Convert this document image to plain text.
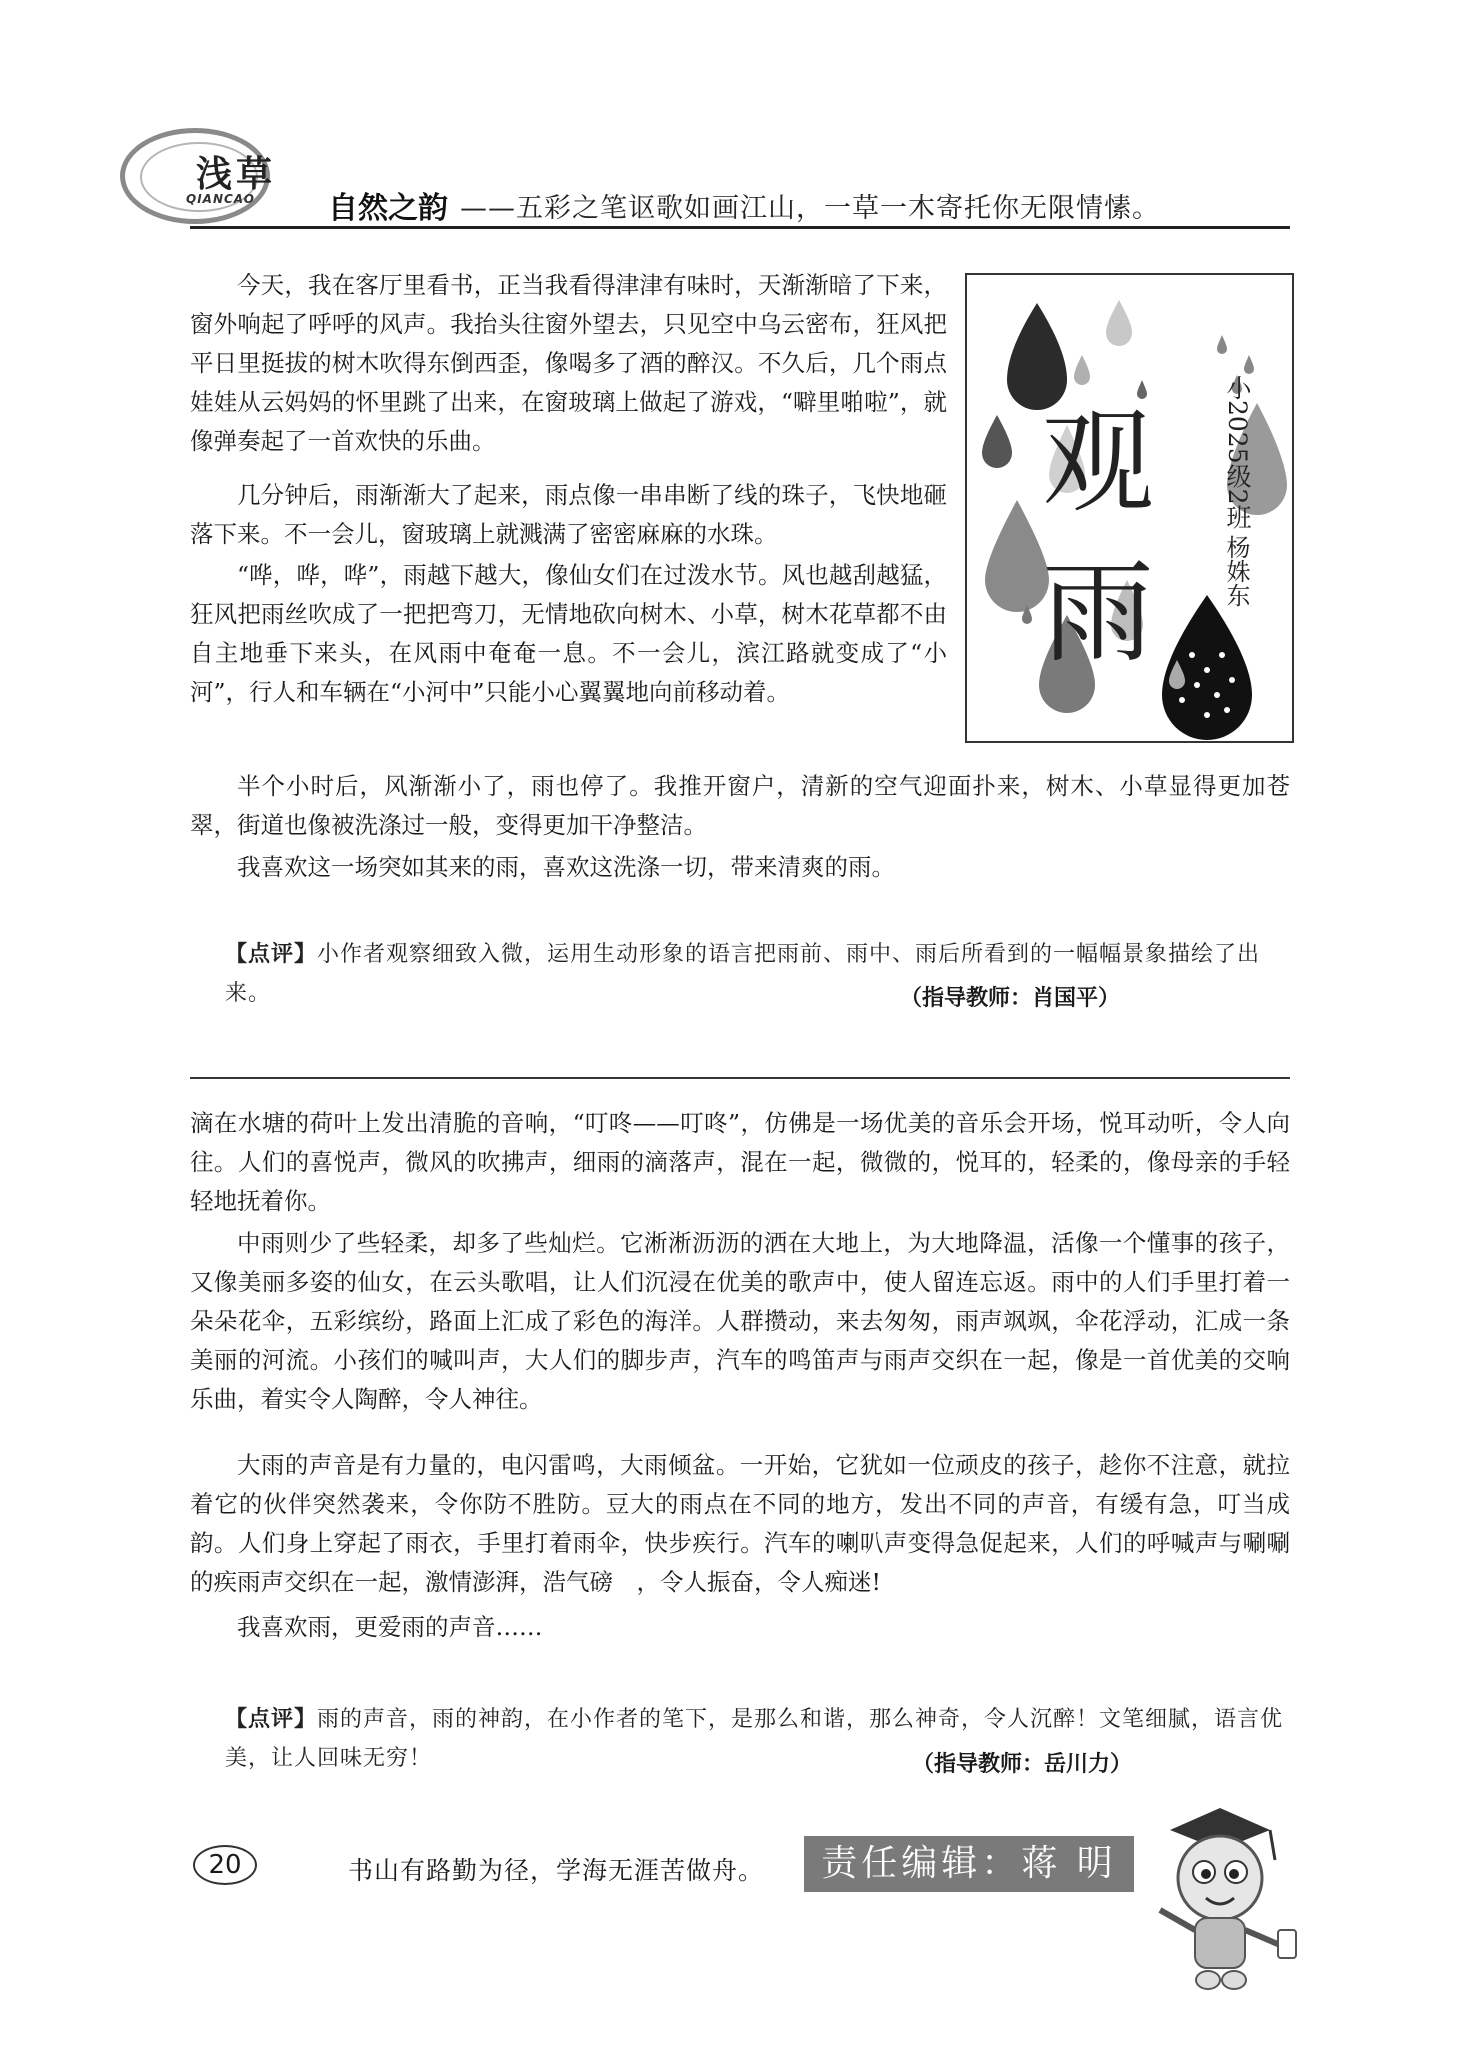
浅草
QIANCAO 自然之韵 ——五彩之笔讴歌如画江山，一草一木寄托你无限情愫。

今天，我在客厅里看书，正当我看得津津有味时，天渐渐暗了下来，窗外响起了呼呼的风声。我抬头往窗外望去，只见空中乌云密布，狂风把平日里挺拔的树木吹得东倒西歪，像喝多了酒的醉汉。不久后，几个雨点娃娃从云妈妈的怀里跳了出来，在窗玻璃上做起了游戏，“噼里啪啦”，就像弹奏起了一首欢快的乐曲。

几分钟后，雨渐渐大了起来，雨点像一串串断了线的珠子，飞快地砸落下来。不一会儿，窗玻璃上就溅满了密密麻麻的水珠。

“哗，哗，哗”，雨越下越大，像仙女们在过泼水节。风也越刮越猛，狂风把雨丝吹成了一把把弯刀，无情地砍向树木、小草，树木花草都不由自主地垂下来头，在风雨中奄奄一息。不一会儿，滨江路就变成了“小河”，行人和车辆在“小河中”只能小心翼翼地向前移动着。

半个小时后，风渐渐小了，雨也停了。我推开窗户，清新的空气迎面扑来，树木、小草显得更加苍翠，街道也像被洗涤过一般，变得更加干净整洁。

我喜欢这一场突如其来的雨，喜欢这洗涤一切，带来清爽的雨。

观	小2025级2班
杨姝东
雨
【点评】小作者观察细致入微，运用生动形象的语言把雨前、雨中、雨后所看到的一幅幅景象描绘了出来。	（指导教师：肖国平）

滴在水塘的荷叶上发出清脆的音响，“叮咚——叮咚”，仿佛是一场优美的音乐会开场，悦耳动听，令人向往。人们的喜悦声，微风的吹拂声，细雨的滴落声，混在一起，微微的，悦耳的，轻柔的，像母亲的手轻轻地抚着你。

中雨则少了些轻柔，却多了些灿烂。它淅淅沥沥的洒在大地上，为大地降温，活像一个懂事的孩子，又像美丽多姿的仙女，在云头歌唱，让人们沉浸在优美的歌声中，使人留连忘返。雨中的人们手里打着一朵朵花伞，五彩缤纷，路面上汇成了彩色的海洋。人群攒动，来去匆匆，雨声飒飒，伞花浮动，汇成一条美丽的河流。小孩们的喊叫声，大人们的脚步声，汽车的鸣笛声与雨声交织在一起，像是一首优美的交响乐曲，着实令人陶醉，令人神往。

大雨的声音是有力量的，电闪雷鸣，大雨倾盆。一开始，它犹如一位顽皮的孩子，趁你不注意，就拉着它的伙伴突然袭来，令你防不胜防。豆大的雨点在不同的地方，发出不同的声音，有缓有急，叮当成韵。人们身上穿起了雨衣，手里打着雨伞，快步疾行。汽车的喇叭声变得急促起来，人们的呼喊声与唰唰的疾雨声交织在一起，激情澎湃，浩气磅　，令人振奋，令人痴迷!

我喜欢雨，更爱雨的声音……

【点评】雨的声音，雨的神韵，在小作者的笔下，是那么和谐，那么神奇，令人沉醉！文笔细腻，语言优美，让人回味无穷！	（指导教师：岳川力）
20	书山有路勤为径，学海无涯苦做舟。	责任编辑：蒋 明
